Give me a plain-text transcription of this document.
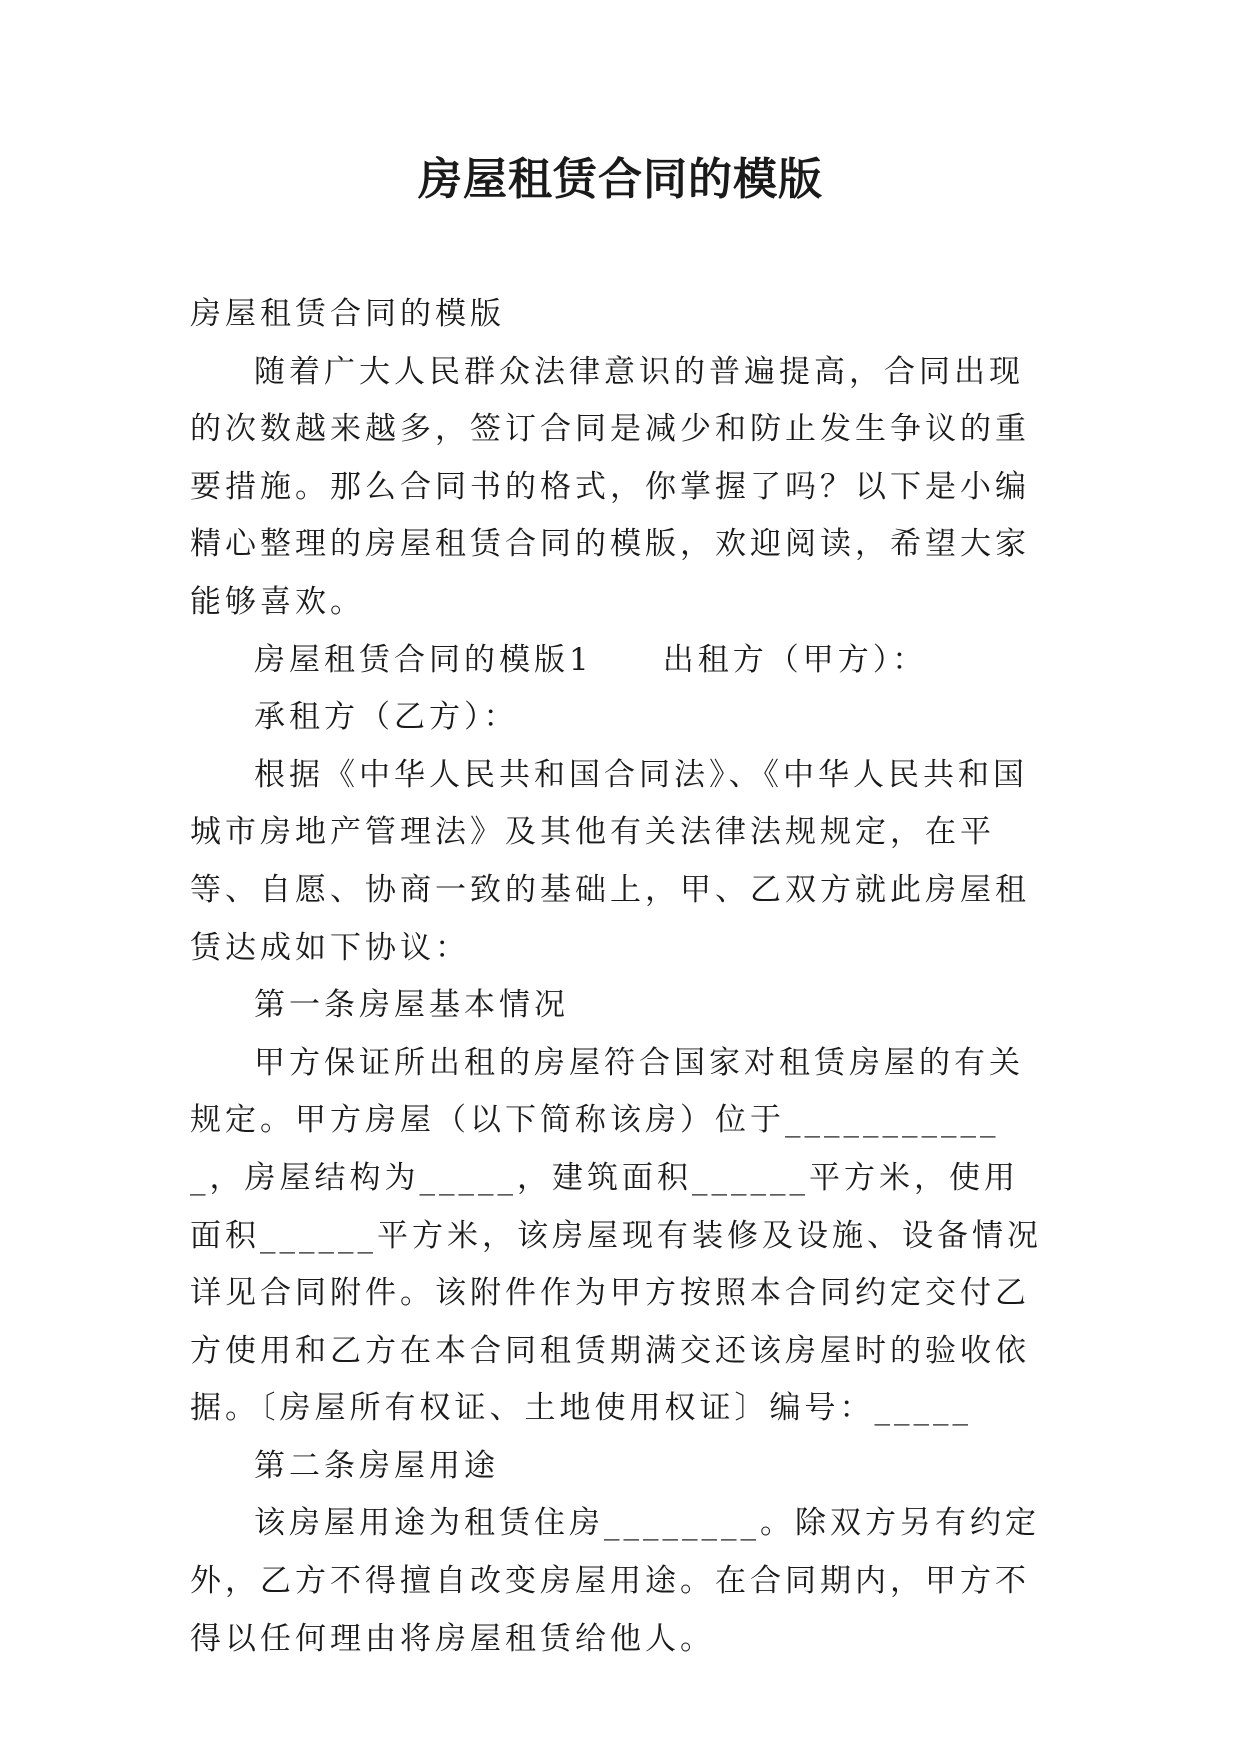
房屋租赁合同的模版

房屋租赁合同的模版

随着广大人民群众法律意识的普遍提高，合同出现的次数越来越多，签订合同是减少和防止发生争议的重要措施。那么合同书的格式，你掌握了吗？以下是小编精心整理的房屋租赁合同的模版，欢迎阅读，希望大家能够喜欢。

房屋租赁合同的模版1　　出租方（甲方）：

承租方（乙方）：

根据《中华人民共和国合同法》、《中华人民共和国城市房地产管理法》及其他有关法律法规规定，在平等、自愿、协商一致的基础上，甲、乙双方就此房屋租赁达成如下协议：

第一条房屋基本情况

甲方保证所出租的房屋符合国家对租赁房屋的有关规定。甲方房屋（以下简称该房）位于____________，房屋结构为_____，建筑面积______平方米，使用面积______平方米，该房屋现有装修及设施、设备情况详见合同附件。该附件作为甲方按照本合同约定交付乙方使用和乙方在本合同租赁期满交还该房屋时的验收依据。〔房屋所有权证、土地使用权证〕编号：_____

第二条房屋用途

该房屋用途为租赁住房________。除双方另有约定外，乙方不得擅自改变房屋用途。在合同期内，甲方不得以任何理由将房屋租赁给他人。
